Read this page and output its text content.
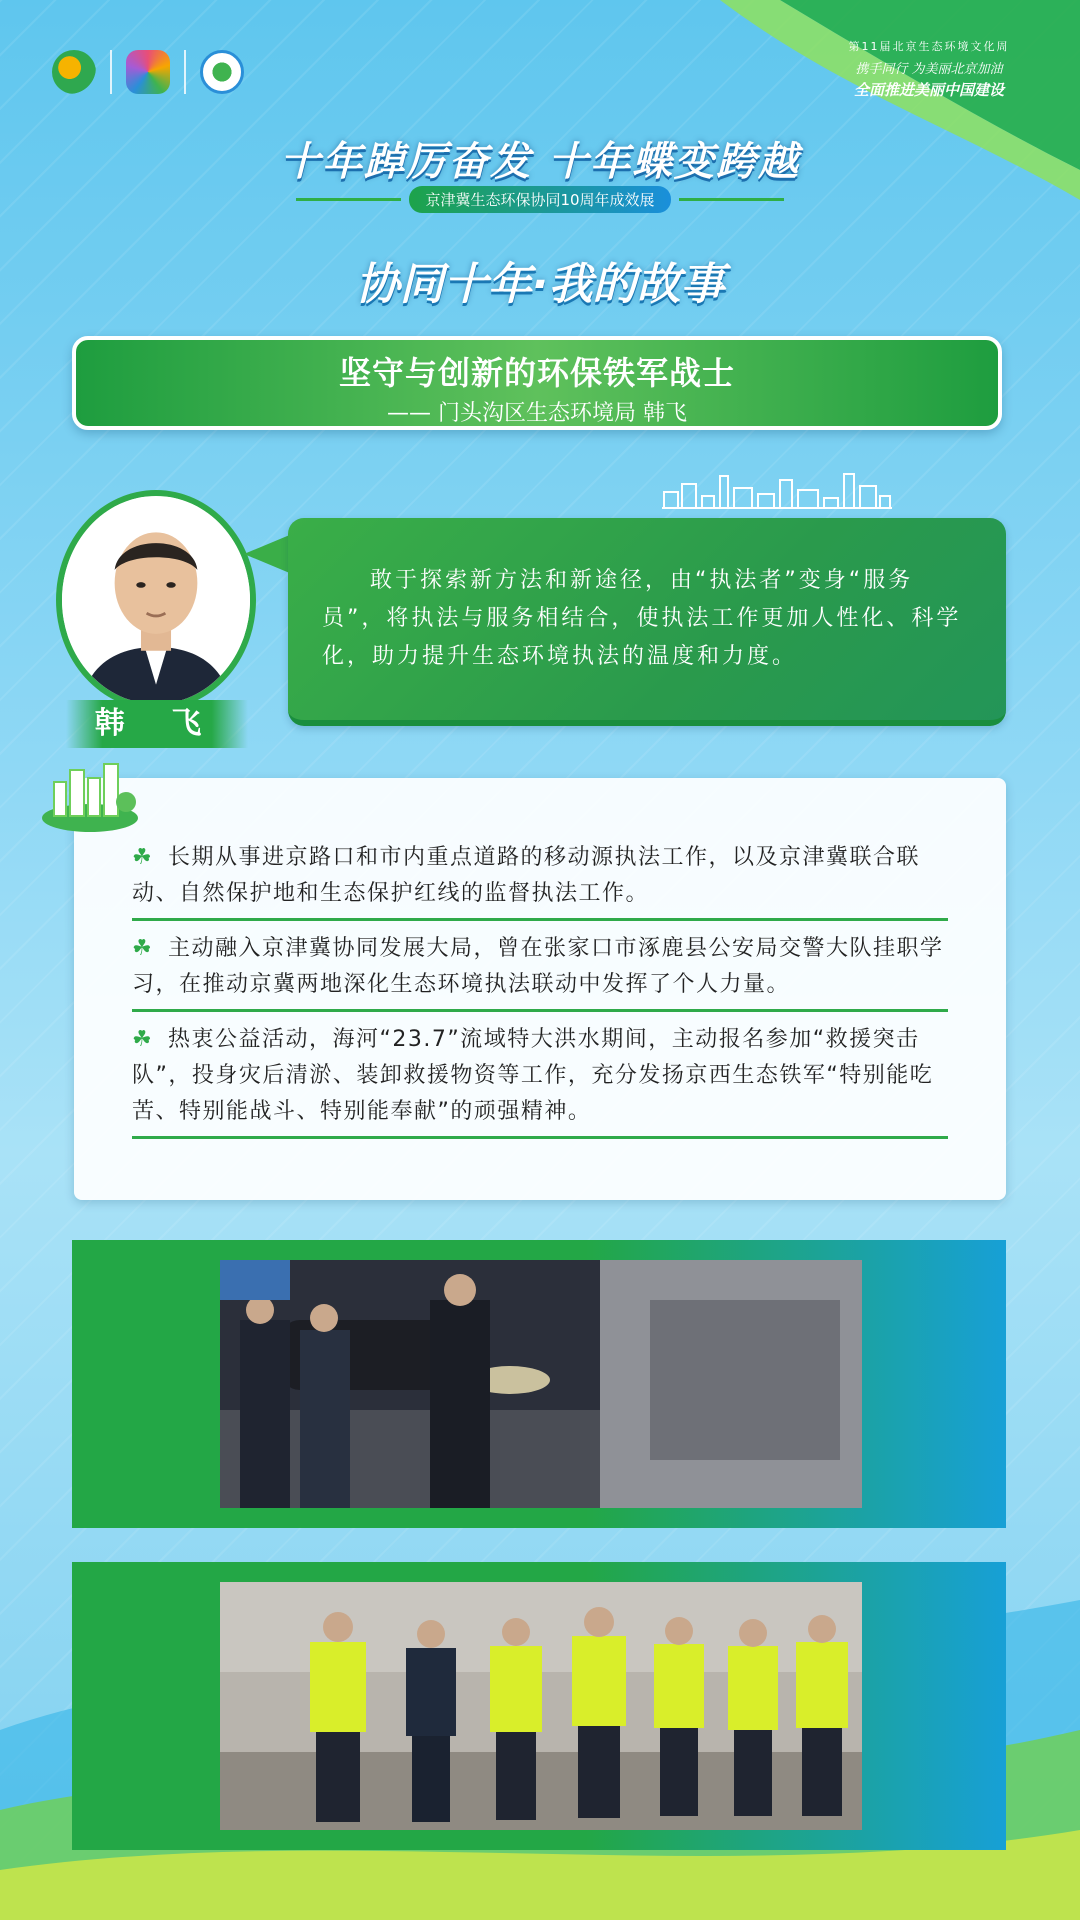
第11届北京生态环境文化周
携手同行 为美丽北京加油
全面推进美丽中国建设
十年踔厉奋发 十年蝶变跨越
京津冀生态环保协同10周年成效展
协同十年·我的故事
坚守与创新的环保铁军战士
—— 门头沟区生态环境局 韩飞
韩 飞
敢于探索新方法和新途径，由“执法者”变身“服务员”，将执法与服务相结合，使执法工作更加人性化、科学化，助力提升生态环境执法的温度和力度。
☘ 长期从事进京路口和市内重点道路的移动源执法工作，以及京津冀联合联动、自然保护地和生态保护红线的监督执法工作。
☘ 主动融入京津冀协同发展大局，曾在张家口市涿鹿县公安局交警大队挂职学习，在推动京冀两地深化生态环境执法联动中发挥了个人力量。
☘ 热衷公益活动，海河“23.7”流域特大洪水期间，主动报名参加“救援突击队”，投身灾后清淤、装卸救援物资等工作，充分发扬京西生态铁军“特别能吃苦、特别能战斗、特别能奉献”的顽强精神。
